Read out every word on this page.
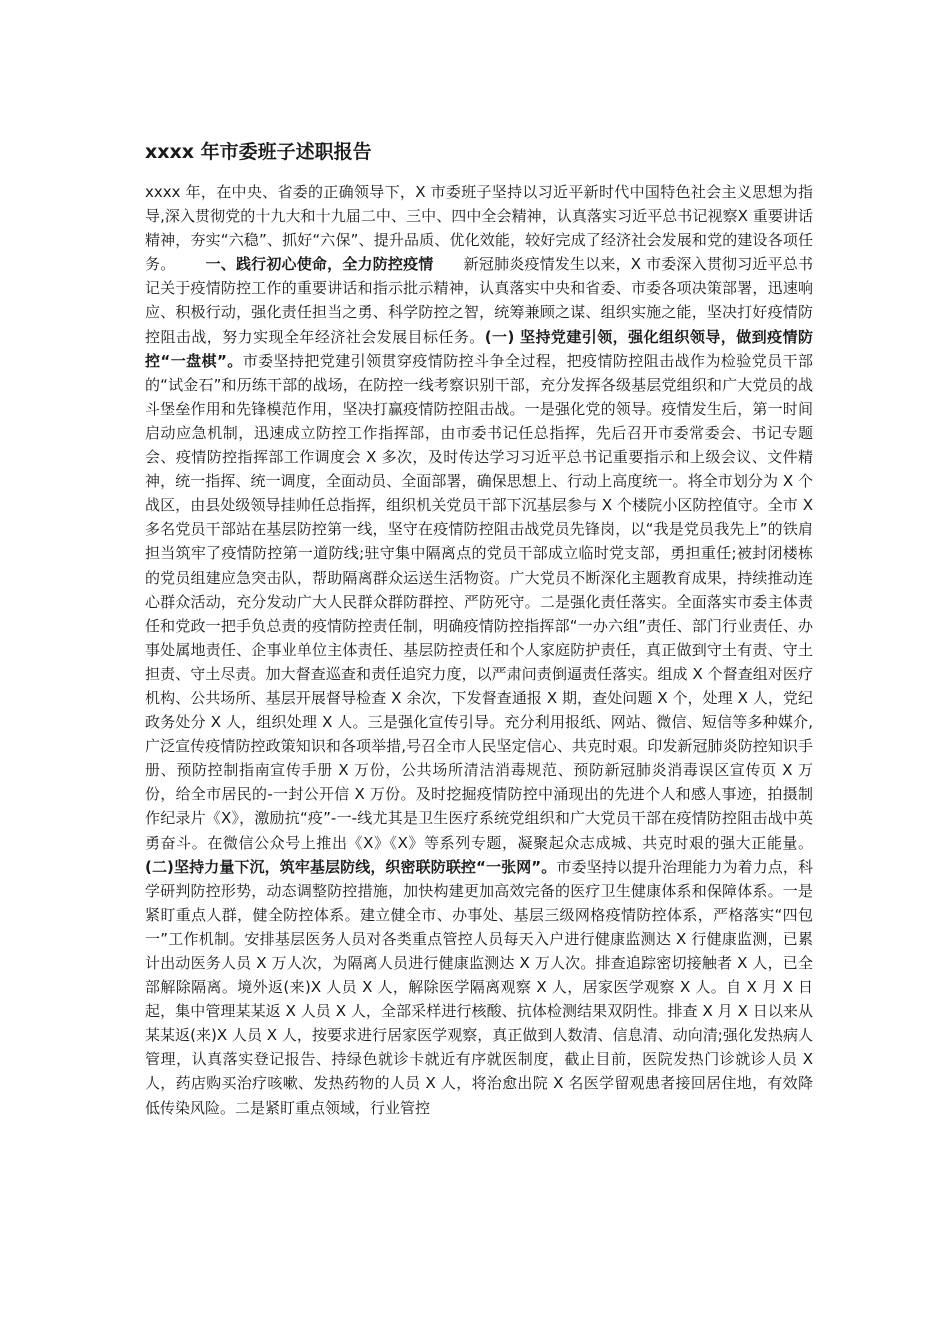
xxxx 年市委班子述职报告

xxxx 年，在中央、省委的正确领导下，X 市委班子坚持以习近平新时代中国特色社会主义思想为指导,深入贯彻党的十九大和十九届二中、三中、四中全会精神，认真落实习近平总书记视察X 重要讲话精神，夯实“六稳”、抓好“六保”、提升品质、优化效能，较好完成了经济社会发展和党的建设各项任务。 一、践行初心使命，全力防控疫情 新冠肺炎疫情发生以来，X 市委深入贯彻习近平总书记关于疫情防控工作的重要讲话和指示批示精神，认真落实中央和省委、市委各项决策部署，迅速响应、积极行动，强化责任担当之勇、科学防控之智，统筹兼顾之谋、组织实施之能，坚决打好疫情防控阻击战，努力实现全年经济社会发展目标任务。(一) 坚持党建引领，强化组织领导，做到疫情防控“一盘棋”。市委坚持把党建引领贯穿疫情防控斗争全过程，把疫情防控阻击战作为检验党员干部的“试金石”和历练干部的战场，在防控一线考察识别干部，充分发挥各级基层党组织和广大党员的战斗堡垒作用和先锋模范作用，坚决打赢疫情防控阻击战。一是强化党的领导。疫情发生后，第一时间启动应急机制，迅速成立防控工作指挥部，由市委书记任总指挥，先后召开市委常委会、书记专题会、疫情防控指挥部工作调度会 X 多次，及时传达学习习近平总书记重要指示和上级会议、文件精神，统一指挥、统一调度，全面动员、全面部署，确保思想上、行动上高度统一。将全市划分为 X 个战区，由县处级领导挂帅任总指挥，组织机关党员干部下沉基层参与 X 个楼院小区防控值守。全市 X 多名党员干部站在基层防控第一线，坚守在疫情防控阻击战党员先锋岗，以“我是党员我先上”的铁肩担当筑牢了疫情防控第一道防线;驻守集中隔离点的党员干部成立临时党支部，勇担重任;被封闭楼栋的党员组建应急突击队，帮助隔离群众运送生活物资。广大党员不断深化主题教育成果，持续推动连心群众活动，充分发动广大人民群众群防群控、严防死守。二是强化责任落实。全面落实市委主体责任和党政一把手负总责的疫情防控责任制，明确疫情防控指挥部“一办六组”责任、部门行业责任、办事处属地责任、企事业单位主体责任、基层防控责任和个人家庭防护责任，真正做到守土有责、守土担责、守土尽责。加大督查巡查和责任追究力度，以严肃问责倒逼责任落实。组成 X 个督查组对医疗机构、公共场所、基层开展督导检查 X 余次，下发督查通报 X 期，查处问题 X 个，处理 X 人，党纪政务处分 X 人，组织处理 X 人。三是强化宣传引导。充分利用报纸、网站、微信、短信等多种媒介,广泛宣传疫情防控政策知识和各项举措,号召全市人民坚定信心、共克时艰。印发新冠肺炎防控知识手册、预防控制指南宣传手册 X 万份，公共场所清洁消毒规范、预防新冠肺炎消毒误区宣传页 X 万份，给全市居民的-一封公开信 X 万份。及时挖掘疫情防控中涌现出的先进个人和感人事迹，拍摄制作纪录片《X》，激励抗“疫”-一-线尤其是卫生医疗系统党组织和广大党员干部在疫情防控阻击战中英勇奋斗。在微信公众号上推出《X》《X》等系列专题，凝聚起众志成城、共克时艰的强大正能量。(二)坚持力量下沉，筑牢基层防线，织密联防联控“一张网”。市委坚持以提升治理能力为着力点，科学研判防控形势，动态调整防控措施，加快构建更加高效完备的医疗卫生健康体系和保障体系。一是紧盯重点人群，健全防控体系。建立健全市、办事处、基层三级网格疫情防控体系，严格落实“四包一”工作机制。安排基层医务人员对各类重点管控人员每天入户进行健康监测达 X 行健康监测，已累计出动医务人员 X 万人次，为隔离人员进行健康监测达 X 万人次。排查追踪密切接触者 X 人，已全部解除隔离。境外返(来)X 人员 X 人，解除医学隔离观察 X 人，居家医学观察 X 人。自 X 月 X 日起，集中管理某某返 X 人员 X 人，全部采样进行核酸、抗体检测结果双阴性。排查 X 月 X 日以来从某某返(来)X 人员 X 人，按要求进行居家医学观察，真正做到人数清、信息清、动向清;强化发热病人管理，认真落实登记报告、持绿色就诊卡就近有序就医制度，截止目前，医院发热门诊就诊人员 X 人，药店购买治疗咳嗽、发热药物的人员 X 人，将治愈出院 X 名医学留观患者接回居住地，有效降低传染风险。二是紧盯重点领域，行业管控
